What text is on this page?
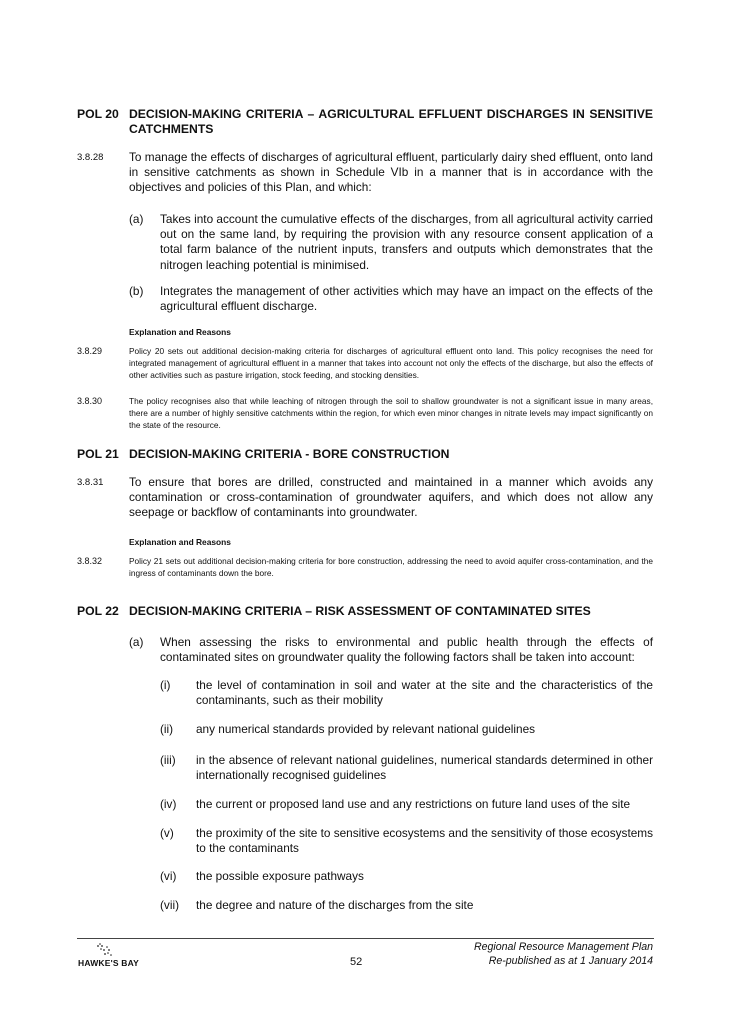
POL 20 DECISION-MAKING CRITERIA – AGRICULTURAL EFFLUENT DISCHARGES IN SENSITIVE CATCHMENTS
3.8.28 To manage the effects of discharges of agricultural effluent, particularly dairy shed effluent, onto land in sensitive catchments as shown in Schedule VIb in a manner that is in accordance with the objectives and policies of this Plan, and which:
(a) Takes into account the cumulative effects of the discharges, from all agricultural activity carried out on the same land, by requiring the provision with any resource consent application of a total farm balance of the nutrient inputs, transfers and outputs which demonstrates that the nitrogen leaching potential is minimised.
(b) Integrates the management of other activities which may have an impact on the effects of the agricultural effluent discharge.
Explanation and Reasons
3.8.29	Policy 20 sets out additional decision-making criteria for discharges of agricultural effluent onto land. This policy recognises the need for integrated management of agricultural effluent in a manner that takes into account not only the effects of the discharge, but also the effects of other activities such as pasture irrigation, stock feeding, and stocking densities.
3.8.30	The policy recognises also that while leaching of nitrogen through the soil to shallow groundwater is not a significant issue in many areas, there are a number of highly sensitive catchments within the region, for which even minor changes in nitrate levels may impact significantly on the state of the resource.
POL 21 DECISION-MAKING CRITERIA - BORE CONSTRUCTION
3.8.31 To ensure that bores are drilled, constructed and maintained in a manner which avoids any contamination or cross-contamination of groundwater aquifers, and which does not allow any seepage or backflow of contaminants into groundwater.
Explanation and Reasons
3.8.32	Policy 21 sets out additional decision-making criteria for bore construction, addressing the need to avoid aquifer cross-contamination, and the ingress of contaminants down the bore.
POL 22 DECISION-MAKING CRITERIA – RISK ASSESSMENT OF CONTAMINATED SITES
(a) When assessing the risks to environmental and public health through the effects of contaminated sites on groundwater quality the following factors shall be taken into account:
(i) the level of contamination in soil and water at the site and the characteristics of the contaminants, such as their mobility
(ii) any numerical standards provided by relevant national guidelines
(iii) in the absence of relevant national guidelines, numerical standards determined in other internationally recognised guidelines
(iv) the current or proposed land use and any restrictions on future land uses of the site
(v) the proximity of the site to sensitive ecosystems and the sensitivity of those ecosystems to the contaminants
(vi) the possible exposure pathways
(vii) the degree and nature of the discharges from the site
HAWKE'S BAY	52
Regional Resource Management Plan
Re-published as at 1 January 2014
